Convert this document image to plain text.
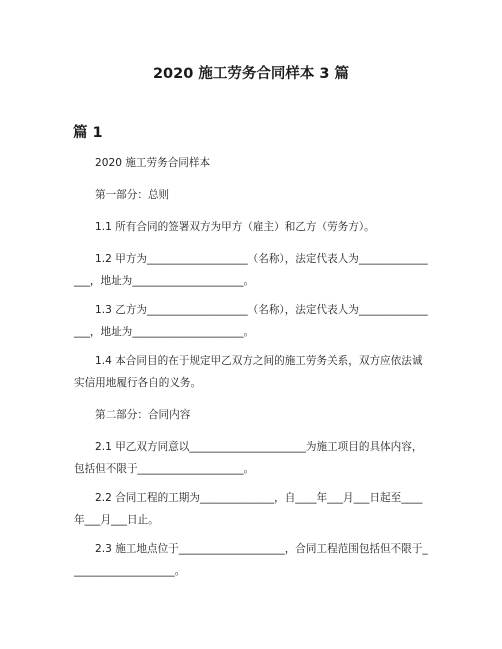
2020 施工劳务合同样本 3 篇
篇 1

2020 施工劳务合同样本

第一部分：总则

1.1 所有合同的签署双方为甲方（雇主）和乙方（劳务方）。

1.2 甲方为___________________（名称），法定代表人为________________，地址为_____________________。

1.3 乙方为___________________（名称），法定代表人为________________，地址为_____________________。

1.4 本合同目的在于规定甲乙双方之间的施工劳务关系，双方应依法诚实信用地履行各自的义务。

第二部分：合同内容

2.1 甲乙双方同意以______________________为施工项目的具体内容，包括但不限于____________________。

2.2 合同工程的工期为______________，自____年___月___日起至____年___月___日止。

2.3 施工地点位于____________________，合同工程范围包括但不限于____________________。
